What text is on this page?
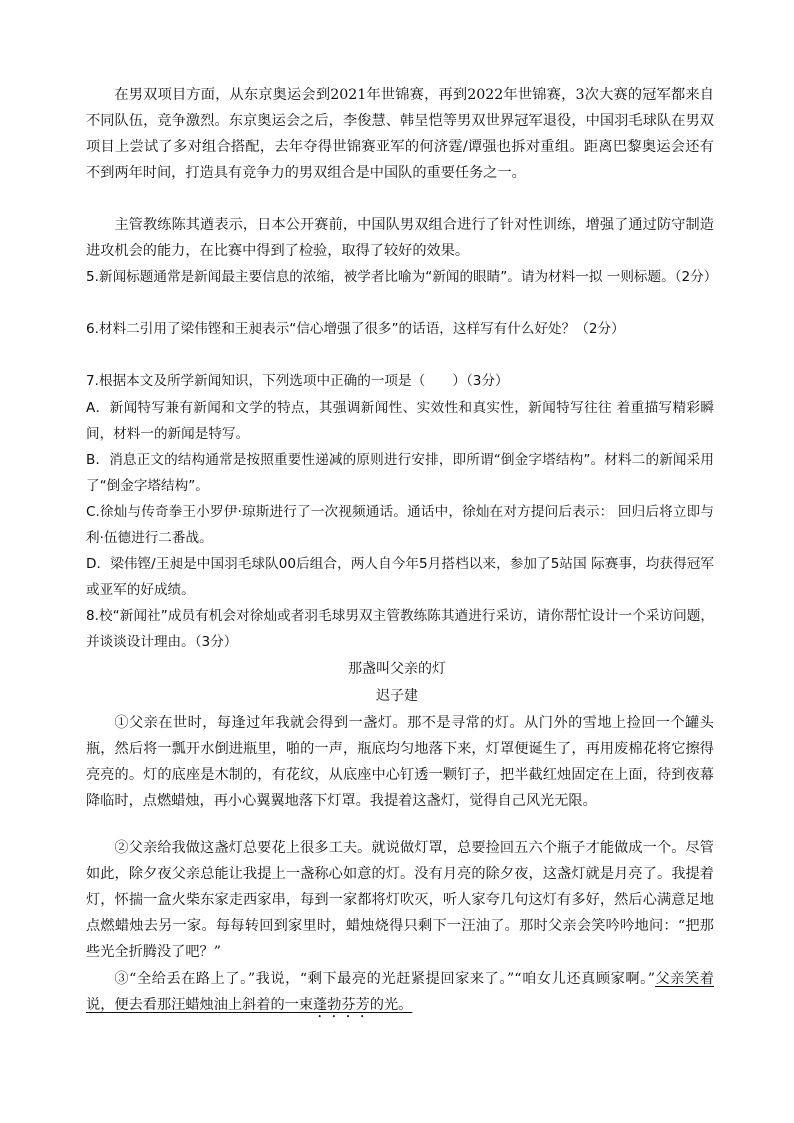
在男双项目方面，从东京奥运会到2021年世锦赛，再到2022年世锦赛，3次大赛的冠军都来自不同队伍，竞争激烈。东京奥运会之后，李俊慧、韩呈恺等男双世界冠军退役，中国羽毛球队在男双项目上尝试了多对组合搭配，去年夺得世锦赛亚军的何济霆/谭强也拆对重组。距离巴黎奥运会还有不到两年时间，打造具有竞争力的男双组合是中国队的重要任务之一。

主管教练陈其遒表示，日本公开赛前，中国队男双组合进行了针对性训练，增强了通过防守制造进攻机会的能力，在比赛中得到了检验，取得了较好的效果。

5.新闻标题通常是新闻最主要信息的浓缩，被学者比喻为“新闻的眼睛”。请为材料一拟 一则标题。（2分）

6.材料二引用了梁伟铿和王昶表示“信心增强了很多”的话语，这样写有什么好处？（2分）

7.根据本文及所学新闻知识，下列选项中正确的一项是（　　）（3分）

A．新闻特写兼有新闻和文学的特点，其强调新闻性、实效性和真实性，新闻特写往往 着重描写精彩瞬间，材料一的新闻是特写。

B．消息正文的结构通常是按照重要性递减的原则进行安排，即所谓“倒金字塔结构”。材料二的新闻采用了“倒金字塔结构”。

C.徐灿与传奇拳王小罗伊·琼斯进行了一次视频通话。通话中，徐灿在对方提问后表示： 回归后将立即与利·伍德进行二番战。

D．梁伟铿/王昶是中国羽毛球队00后组合，两人自今年5月搭档以来，参加了5站国 际赛事，均获得冠军或亚军的好成绩。

8.校“新闻社”成员有机会对徐灿或者羽毛球男双主管教练陈其遒进行采访，请你帮忙设计一个采访问题，并谈谈设计理由。（3分）

那盏叫父亲的灯
迟子建

①父亲在世时，每逢过年我就会得到一盏灯。那不是寻常的灯。从门外的雪地上捡回一个罐头瓶，然后将一瓢开水倒进瓶里，啪的一声，瓶底均匀地落下来，灯罩便诞生了，再用废棉花将它擦得亮亮的。灯的底座是木制的，有花纹，从底座中心钉透一颗钉子，把半截红烛固定在上面，待到夜幕降临时，点燃蜡烛，再小心翼翼地落下灯罩。我提着这盏灯，觉得自己风光无限。

②父亲给我做这盏灯总要花上很多工夫。就说做灯罩，总要捡回五六个瓶子才能做成一个。尽管如此，除夕夜父亲总能让我提上一盏称心如意的灯。没有月亮的除夕夜，这盏灯就是月亮了。我提着灯，怀揣一盒火柴东家走西家串，每到一家都将灯吹灭，听人家夸几句这灯有多好，然后心满意足地点燃蜡烛去另一家。每每转回到家里时，蜡烛烧得只剩下一汪油了。那时父亲会笑吟吟地问：“把那些光全折腾没了吧？”

③“全给丢在路上了。”我说，“剩下最亮的光赶紧提回家来了。”“咱女儿还真顾家啊。”父亲笑着说，便去看那汪蜡烛油上斜着的一束蓬勃芬芳的光。
